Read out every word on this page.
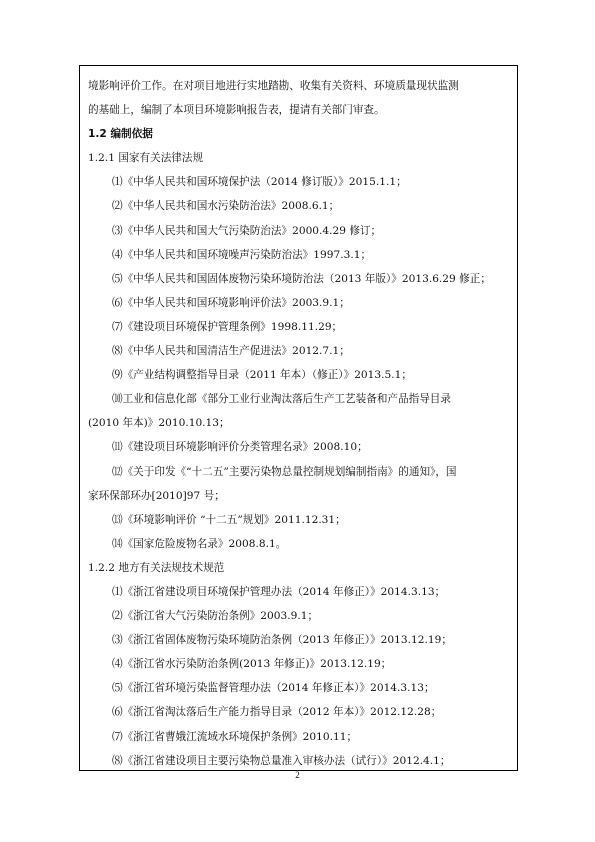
境影响评价工作。在对项目地进行实地踏勘、收集有关资料、环境质量现状监测
的基础上，编制了本项目环境影响报告表，提请有关部门审查。
1.2 编制依据
1.2.1 国家有关法律法规
⑴《中华人民共和国环境保护法（2014 修订版）》2015.1.1；
⑵《中华人民共和国水污染防治法》2008.6.1；
⑶《中华人民共和国大气污染防治法》2000.4.29 修订；
⑷《中华人民共和国环境噪声污染防治法》1997.3.1；
⑸《中华人民共和国固体废物污染环境防治法（2013 年版）》2013.6.29 修正；
⑹《中华人民共和国环境影响评价法》2003.9.1；
⑺《建设项目环境保护管理条例》1998.11.29；
⑻《中华人民共和国清洁生产促进法》2012.7.1；
⑼《产业结构调整指导目录（2011 年本）（修正）》2013.5.1；
⑽工业和信息化部《部分工业行业淘汰落后生产工艺装备和产品指导目录
(2010 年本)》2010.10.13；
⑾《建设项目环境影响评价分类管理名录》2008.10；
⑿《关于印发《“十二五”主要污染物总量控制规划编制指南》的通知》，国
家环保部环办[2010]97 号；
⒀《环境影响评价 “十二五”规划》2011.12.31；
⒁《国家危险废物名录》2008.8.1。
1.2.2 地方有关法规技术规范
⑴《浙江省建设项目环境保护管理办法（2014 年修正）》2014.3.13；
⑵《浙江省大气污染防治条例》2003.9.1；
⑶《浙江省固体废物污染环境防治条例（2013 年修正）》2013.12.19；
⑷《浙江省水污染防治条例(2013 年修正)》2013.12.19；
⑸《浙江省环境污染监督管理办法（2014 年修正本）》2014.3.13；
⑹《浙江省淘汰落后生产能力指导目录（2012 年本）》2012.12.28；
⑺《浙江省曹娥江流域水环境保护条例》2010.11；
⑻《浙江省建设项目主要污染物总量准入审核办法（试行）》2012.4.1；
2
